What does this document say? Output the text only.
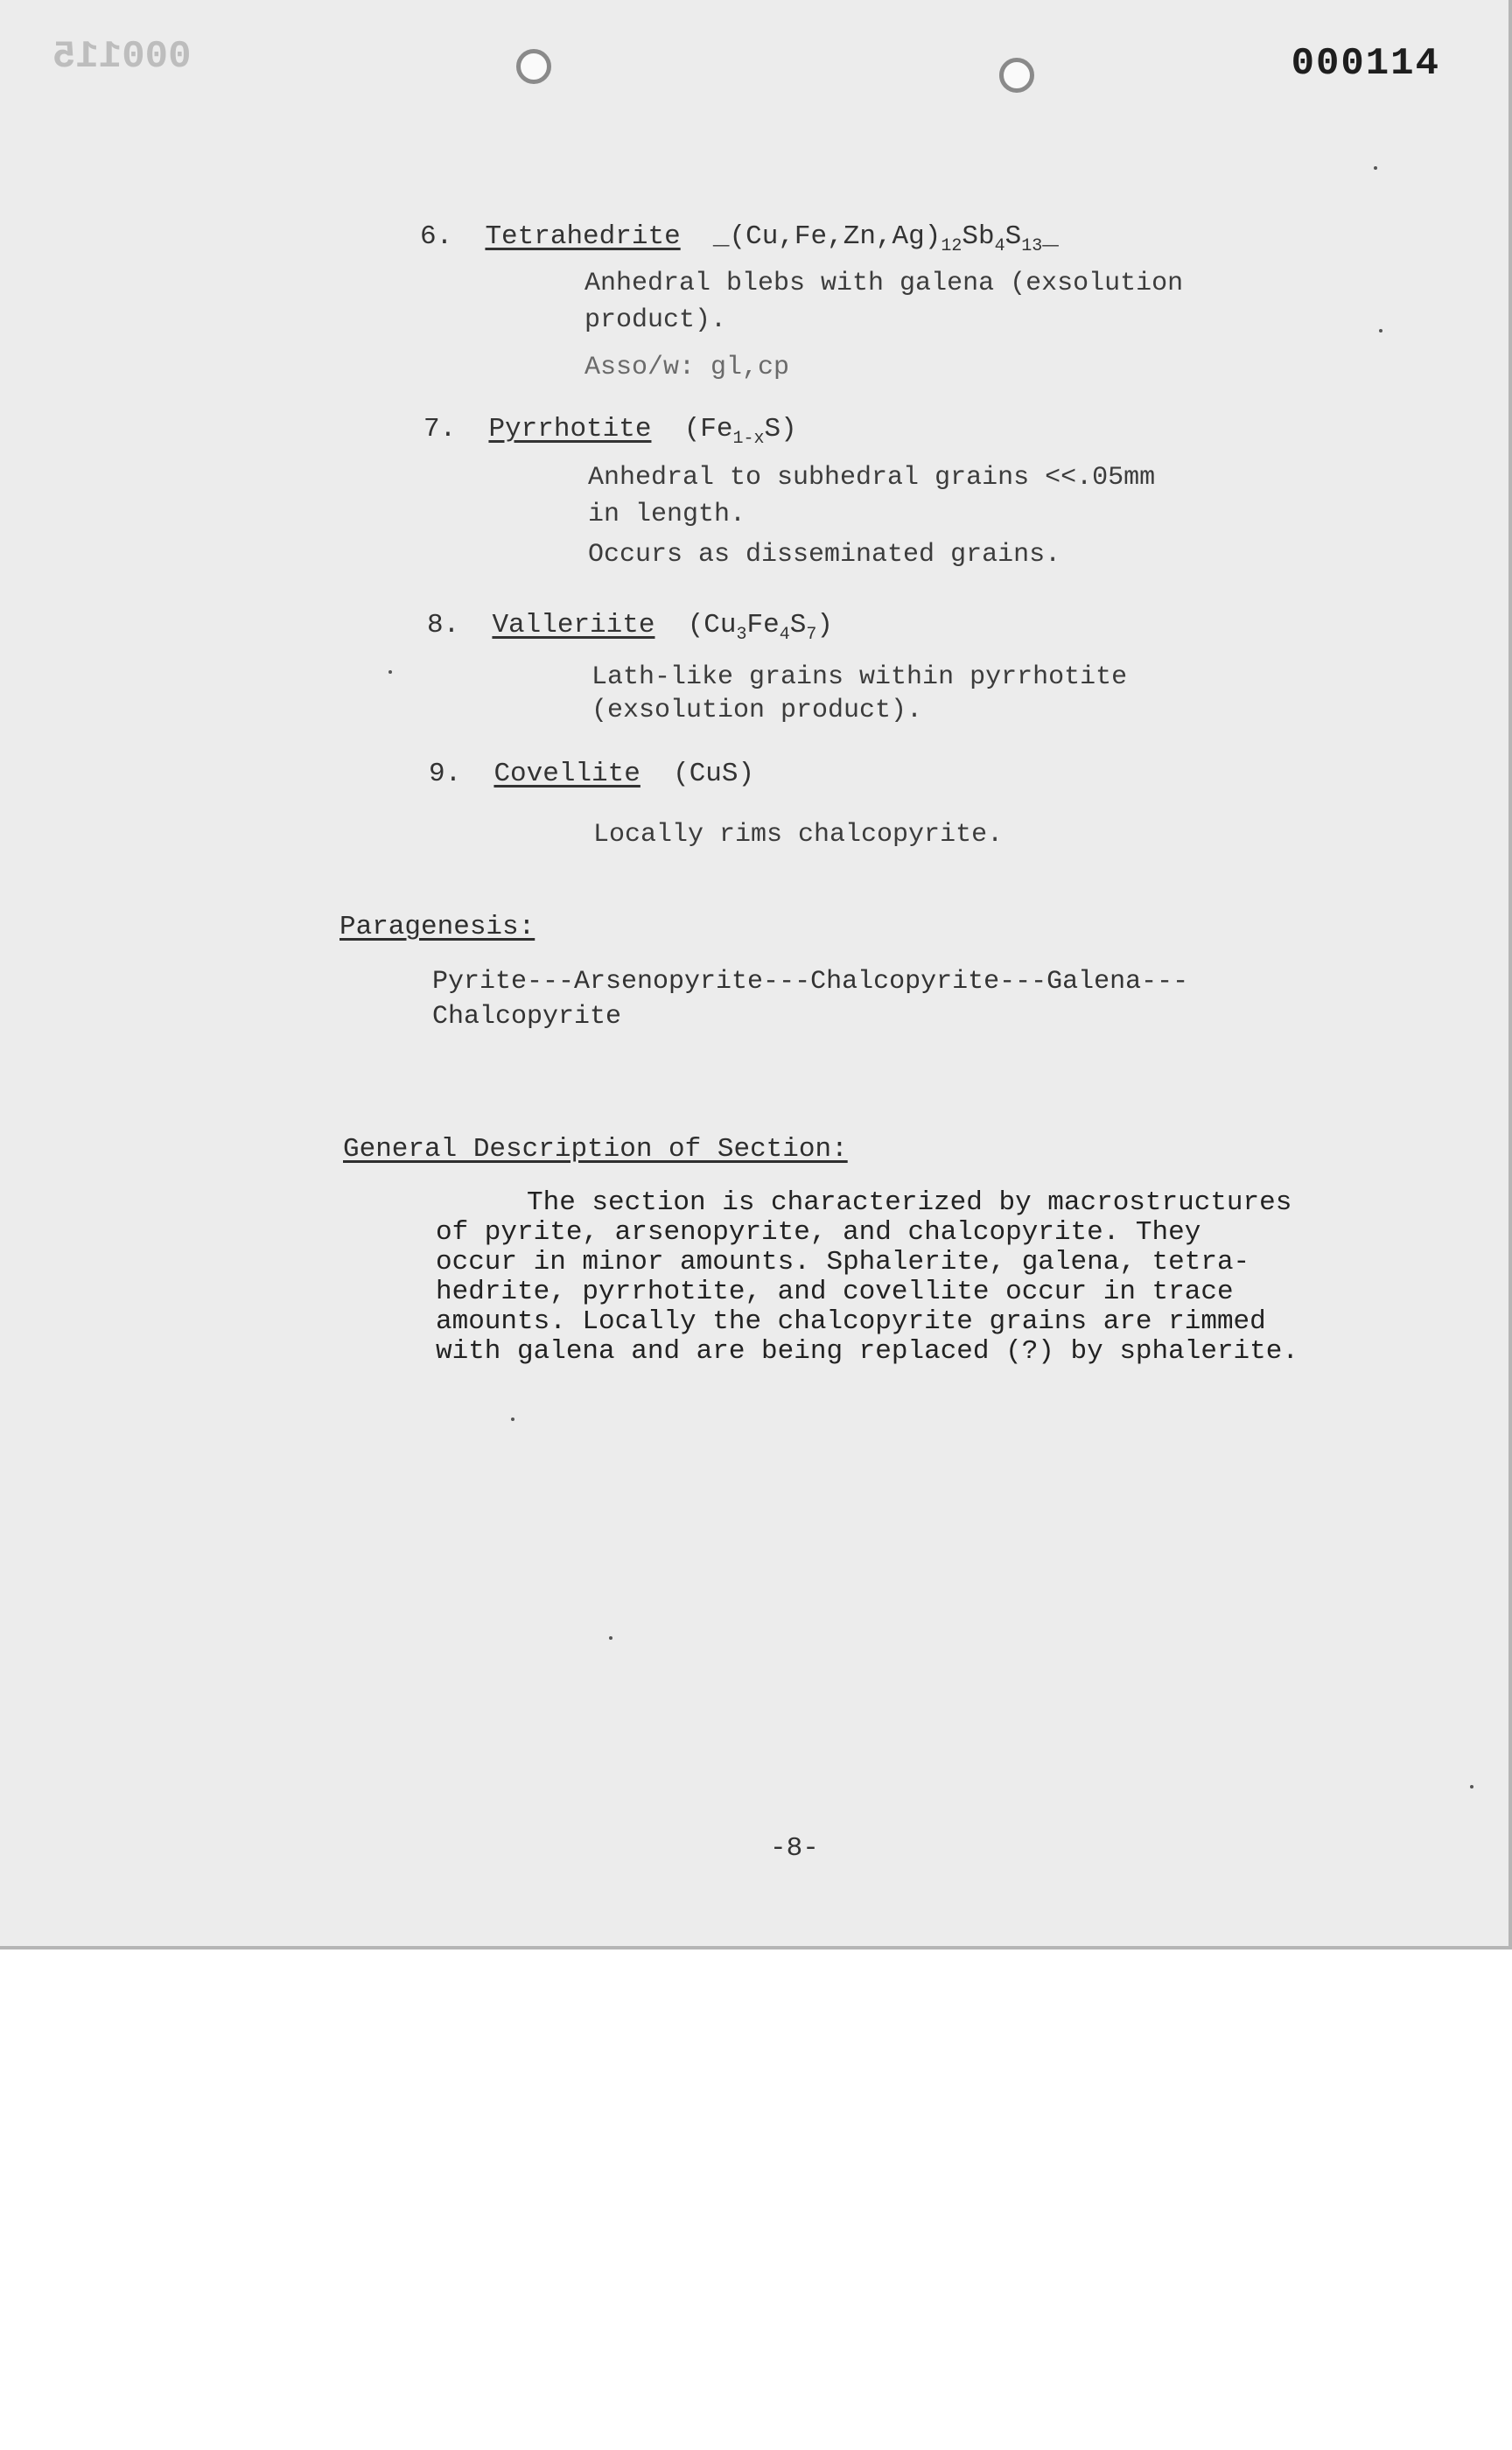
000115	000114
6. Tetrahedrite $\_(Cu,Fe,Zn,Ag)_{12}Sb_4S_{13}\_$
Anhedral blebs with galena (exsolution
product).
Asso/w: gl,cp
7. Pyrrhotite $(Fe_{1-x}S)$
Anhedral to subhedral grains <<.05mm
in length.
Occurs as disseminated grains.
8. Valleriite $(Cu_3Fe_4S_7)$
Lath-like grains within pyrrhotite
(exsolution product).
9. Covellite (CuS)
Locally rims chalcopyrite.
Paragenesis:
Pyrite---Arsenopyrite---Chalcopyrite---Galena---
Chalcopyrite
General Description of Section:
The section is characterized by macrostructures
of pyrite, arsenopyrite, and chalcopyrite. They
occur in minor amounts. Sphalerite, galena, tetra-
hedrite, pyrrhotite, and covellite occur in trace
amounts. Locally the chalcopyrite grains are rimmed
with galena and are being replaced (?) by sphalerite.
-8-
